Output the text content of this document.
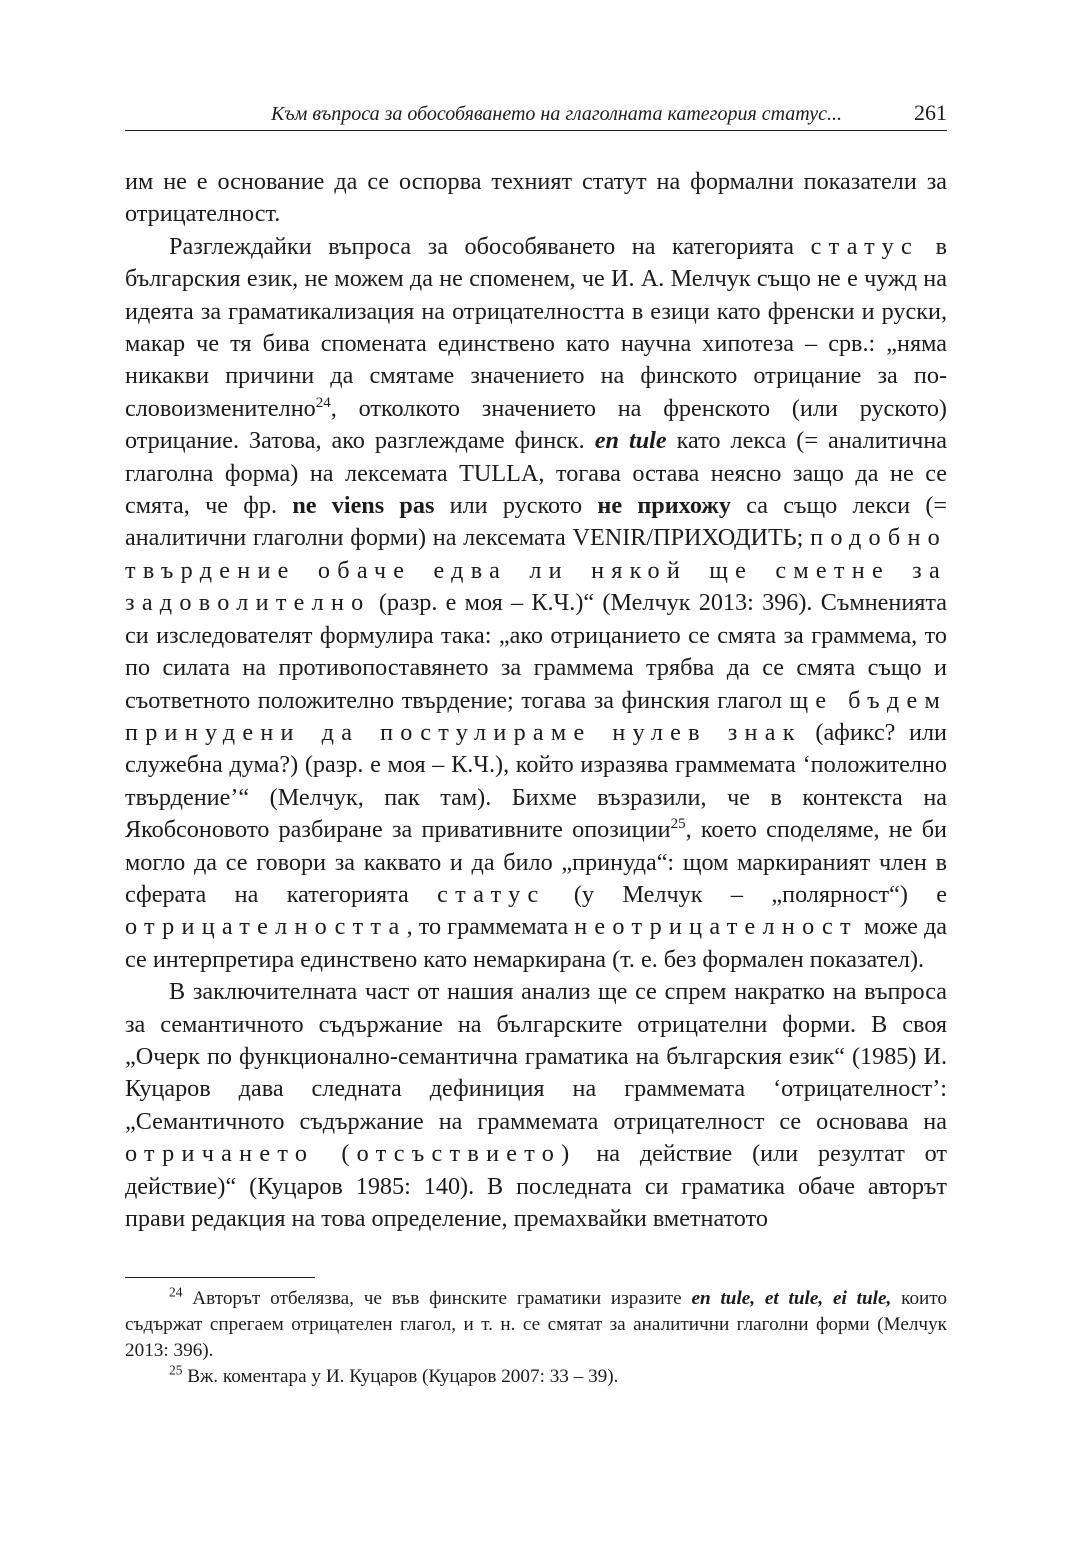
Към въпроса за обособяването на глаголната категория статус...	261

им не е основание да се оспорва техният статут на формални показатели за отрицателност.

Разглеждайки въпроса за обособяването на категорията статус в българския език, не можем да не споменем, че И. А. Мелчук също не е чужд на идеята за граматикализация на отрицателността в езици като френски и руски, макар че тя бива спомената единствено като научна хипотеза – срв.: „няма никакви причини да смятаме значението на финското отрицание за по-словоизменително$^{24}$, отколкото значението на френското (или руското) отрицание. Затова, ако разглеждаме финск. en tule като лекса (= аналитична глаголна форма) на лексемата TULLA, тогава остава неясно защо да не се смята, че фр. ne viens pas или руското не прихожу са също лекси (= аналитични глаголни форми) на лексемата VENIR/ПРИХОДИТЬ; подобно твърдение обаче едва ли някой ще сметне за задоволително (разр. е моя – К.Ч.)“ (Мелчук 2013: 396). Съмненията си изследователят формулира така: „ако отрицанието се смята за граммема, то по силата на противопоставянето за граммема трябва да се смята също и съответното положително твърдение; тогава за финския глагол ще бъдем принудени да постулираме нулев знак (афикс? или служебна дума?) (разр. е моя – К.Ч.), който изразява граммемата ‘положително твърдение’“ (Мелчук, пак там). Бихме възразили, че в контекста на Якобсоновото разбиране за привативните опозиции$^{25}$, което споделяме, не би могло да се говори за каквато и да било „принуда“: щом маркираният член в сферата на категорията статус (у Мелчук – „полярност“) е отрицателността, то граммемата неотрицателност може да се интерпретира единствено като немаркирана (т. е. без формален показател).

В заключителната част от нашия анализ ще се спрем накратко на въпроса за семантичното съдържание на българските отрицателни форми. В своя „Очерк по функционално-семантична граматика на българския език“ (1985) И. Куцаров дава следната дефиниция на граммемата ‘отрицателност’: „Семантичното съдържание на граммемата отрицателност се основава на отричането (отсъствието) на действие (или резултат от действие)“ (Куцаров 1985: 140). В последната си граматика обаче авторът прави редакция на това определение, премахвайки вметнатото

$^{24}$ Авторът отбелязва, че във финските граматики изразите en tule, et tule, ei tule, които съдържат спрегаем отрицателен глагол, и т. н. се смятат за аналитични глаголни форми (Мелчук 2013: 396).

$^{25}$ Вж. коментара у И. Куцаров (Куцаров 2007: 33 – 39).
